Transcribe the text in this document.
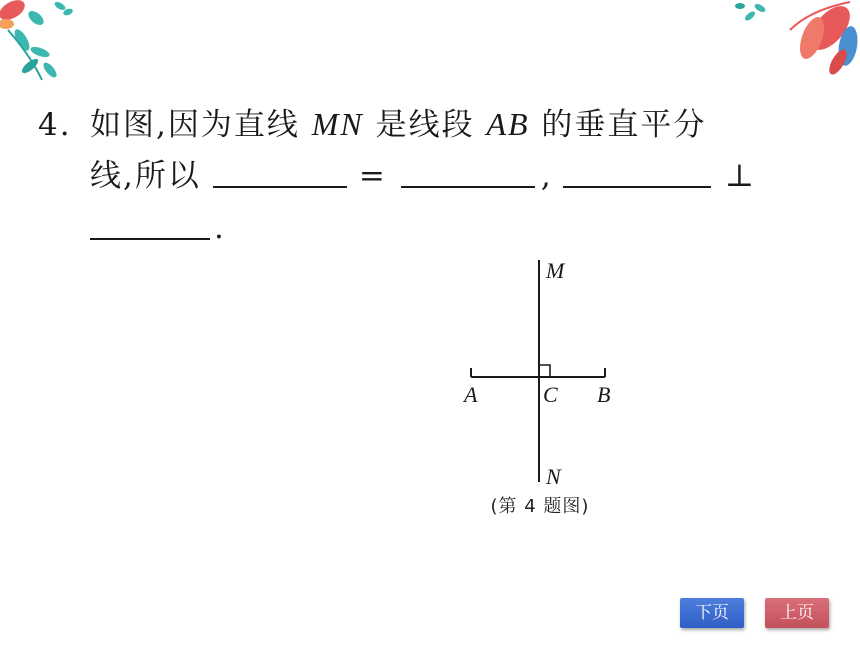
4. 如图,因为直线 MN 是线段 AB 的垂直平分
线,所以	=	,	⊥
.
M
N
A	C B
(第 4 题图)
下页	上页
